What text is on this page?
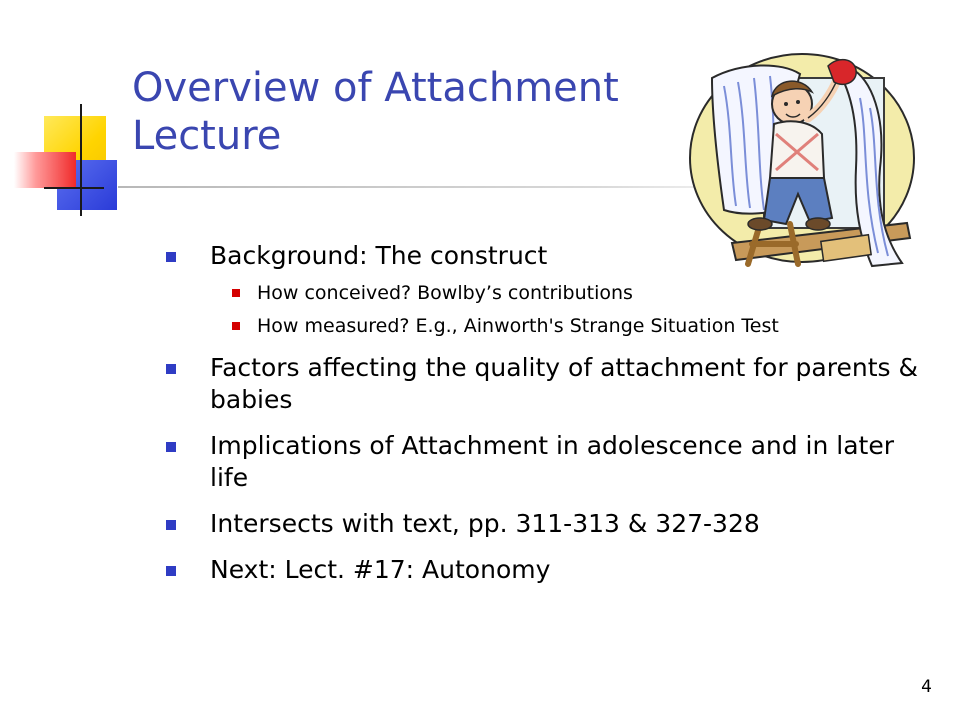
Overview of Attachment Lecture
Background: The construct
How conceived? Bowlby’s contributions
How measured? E.g., Ainworth's Strange Situation Test
Factors affecting the quality of attachment for parents & babies
Implications of Attachment in adolescence and in later life
Intersects with text, pp. 311-313 & 327-328
Next: Lect. #17: Autonomy
4
